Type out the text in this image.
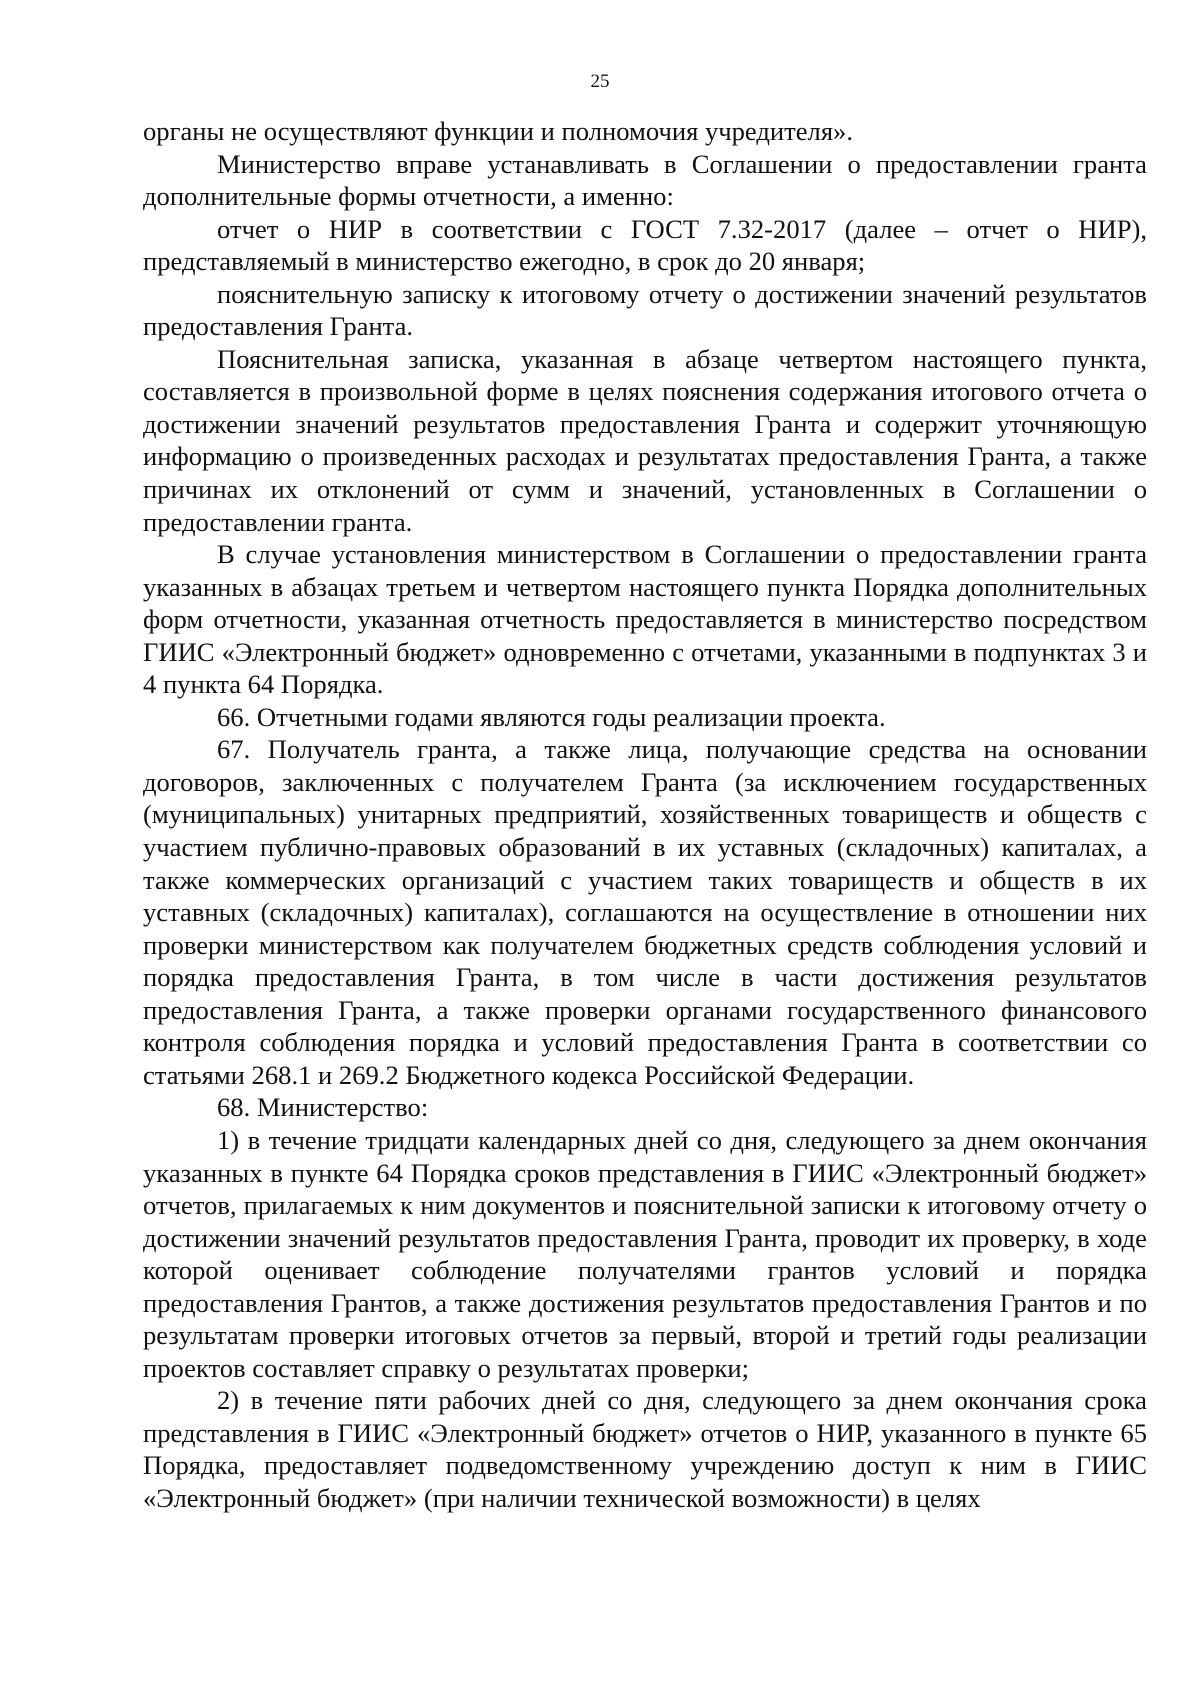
25

органы не осуществляют функции и полномочия учредителя».

Министерство вправе устанавливать в Соглашении о предоставлении гранта дополнительные формы отчетности, а именно:

отчет о НИР в соответствии с ГОСТ 7.32-2017 (далее – отчет о НИР), представляемый в министерство ежегодно, в срок до 20 января;

пояснительную записку к итоговому отчету о достижении значений результатов предоставления Гранта.

Пояснительная записка, указанная в абзаце четвертом настоящего пункта, составляется в произвольной форме в целях пояснения содержания итогового отчета о достижении значений результатов предоставления Гранта и содержит уточняющую информацию о произведенных расходах и результатах предоставления Гранта, а также причинах их отклонений от сумм и значений, установленных в Соглашении о предоставлении гранта.

В случае установления министерством в Соглашении о предоставлении гранта указанных в абзацах третьем и четвертом настоящего пункта Порядка дополнительных форм отчетности, указанная отчетность предоставляется в министерство посредством ГИИС «Электронный бюджет» одновременно с отчетами, указанными в подпунктах 3 и 4 пункта 64 Порядка.

66. Отчетными годами являются годы реализации проекта.

67. Получатель гранта, а также лица, получающие средства на основании договоров, заключенных с получателем Гранта (за исключением государственных (муниципальных) унитарных предприятий, хозяйственных товариществ и обществ с участием публично-правовых образований в их уставных (складочных) капиталах, а также коммерческих организаций с участием таких товариществ и обществ в их уставных (складочных) капиталах), соглашаются на осуществление в отношении них проверки министерством как получателем бюджетных средств соблюдения условий и порядка предоставления Гранта, в том числе в части достижения результатов предоставления Гранта, а также проверки органами государственного финансового контроля соблюдения порядка и условий предоставления Гранта в соответствии со статьями 268.1 и 269.2 Бюджетного кодекса Российской Федерации.

68. Министерство:

1) в течение тридцати календарных дней со дня, следующего за днем окончания указанных в пункте 64 Порядка сроков представления в ГИИС «Электронный бюджет» отчетов, прилагаемых к ним документов и пояснительной записки к итоговому отчету о достижении значений результатов предоставления Гранта, проводит их проверку, в ходе которой оценивает соблюдение получателями грантов условий и порядка предоставления Грантов, а также достижения результатов предоставления Грантов и по результатам проверки итоговых отчетов за первый, второй и третий годы реализации проектов составляет справку о результатах проверки;

2) в течение пяти рабочих дней со дня, следующего за днем окончания срока представления в ГИИС «Электронный бюджет» отчетов о НИР, указанного в пункте 65 Порядка, предоставляет подведомственному учреждению доступ к ним в ГИИС «Электронный бюджет» (при наличии технической возможности) в целях
